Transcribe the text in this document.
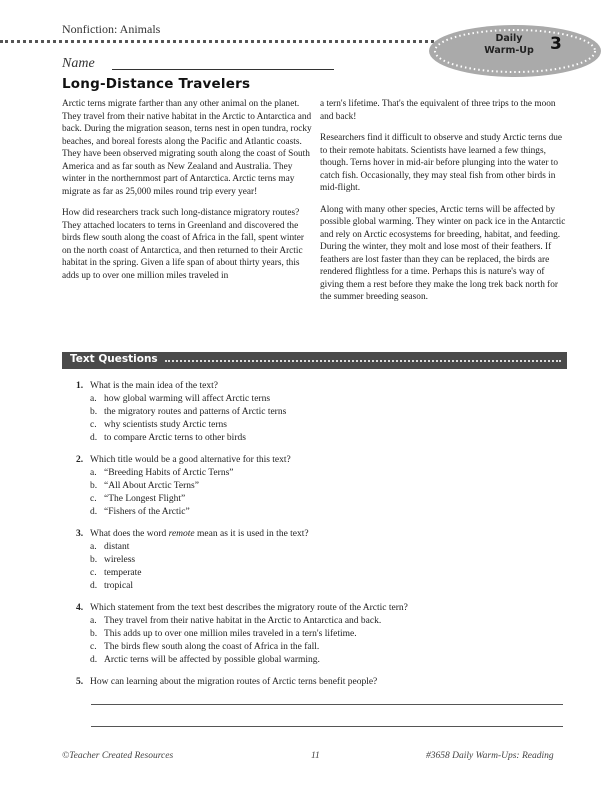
Nonfiction: Animals
Daily
Warm-Up 3
Name
Long-Distance Travelers

Arctic terns migrate farther than any other animal on the planet. They travel from their native habitat in the Arctic to Antarctica and back. During the migration season, terns nest in open tundra, rocky beaches, and boreal forests along the Pacific and Atlantic coasts. They have been observed migrating south along the coast of South America and as far south as New Zealand and Australia. They winter in the northernmost part of Antarctica. Arctic terns may migrate as far as 25,000 miles round trip every year!

How did researchers track such long-distance migratory routes? They attached locaters to terns in Greenland and discovered the birds flew south along the coast of Africa in the fall, spent winter on the north coast of Antarctica, and then returned to their Arctic habitat in the spring. Given a life span of about thirty years, this adds up to over one million miles traveled in

a tern's lifetime. That's the equivalent of three trips to the moon and back!

Researchers find it difficult to observe and study Arctic terns due to their remote habitats. Scientists have learned a few things, though. Terns hover in mid-air before plunging into the water to catch fish. Occasionally, they may steal fish from other birds in mid-flight.

Along with many other species, Arctic terns will be affected by possible global warming. They winter on pack ice in the Antarctic and rely on Arctic ecosystems for breeding, habitat, and feeding. During the winter, they molt and lose most of their feathers. If feathers are lost faster than they can be replaced, the birds are rendered flightless for a time. Perhaps this is nature's way of giving them a rest before they make the long trek back north for the summer breeding season.

Text Questions
1. What is the main idea of the text?
a. how global warming will affect Arctic terns
b. the migratory routes and patterns of Arctic terns
c. why scientists study Arctic terns
d. to compare Arctic terns to other birds
2. Which title would be a good alternative for this text?
a. “Breeding Habits of Arctic Terns”
b. “All About Arctic Terns”
c. “The Longest Flight”
d. “Fishers of the Arctic”
3. What does the word remote mean as it is used in the text?
a. distant
b. wireless
c. temperate
d. tropical
4. Which statement from the text best describes the migratory route of the Arctic tern?
a. They travel from their native habitat in the Arctic to Antarctica and back.
b. This adds up to over one million miles traveled in a tern's lifetime.
c. The birds flew south along the coast of Africa in the fall.
d. Arctic terns will be affected by possible global warming.
5. How can learning about the migration routes of Arctic terns benefit people?
©Teacher Created Resources	11	#3658 Daily Warm-Ups: Reading
